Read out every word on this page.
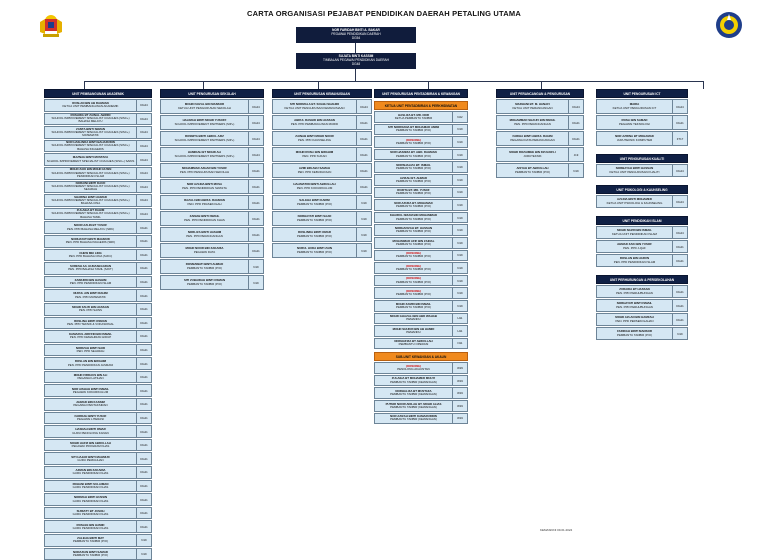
CARTA ORGANISASI PEJABAT PENDIDIKAN DAERAH PETALING UTAMA
NOR FARIDAH BINTI A. BAKAR
PEGAWAI PENDIDIKAN DAERAH
DG54
SUJATA BINTI KASSIM
TIMBALAN PEGAWAI PENDIDIKAN DAERAH
DG48
UNIT PEMBANGUNAN AKADEMIK
ROSLAN BIN AB RAHMAN
KETUA UNIT PEMBANGUNAN AKADEMIK	DG44
ROSHIDA BT ZAINAL ABIDIN
SCHOOL IMPROVEMENT SPECIALIST COACHES (SISC+) BAHASA MELAYU
DG44
ZANTA BINTI SEMAN
SCHOOL IMPROVEMENT SPECIALIST COACHES (SISC+) MATEMATIK
DG44
NOR HASLINDA BINTI BAHARUDIN
SCHOOL IMPROVEMENT SPECIALIST COACHES (SISC+) BAHASA INGGERIS
DG44
MAZNAH BINTI MUSTAFA
SCHOOL IMPROVEMENT SPECIALIST COACHES (SISC+) SAINS	DG44
MOHD ZAKI BIN MOHD HUSIN
SCHOOL IMPROVEMENT SPECIALIST COACHES (SISC+) PENDIDIKAN ISLAM
DG44
NORAINI BINTI DAUD
SCHOOL IMPROVEMENT SPECIALIST COACHES (SISC+) SEJARAH
DG44
SHARINA BINTI AHMAD
SCHOOL IMPROVEMENT SPECIALIST COACHES (SISC+) BAHASA CINA
DG44
ZULAIHA BT RAHIM
SCHOOL IMPROVEMENT SPECIALIST COACHES (SISC+) BAHASA TAMIL
DG44
NOOR AZLIN BT YUSOF
PEN. PPD BAHASA MELAYU (SRK)	DG41
NORHAYATI BINTI MAHMUD
PEN. PPD BAHASA INGGERIS (SRK)	DG41
CHEW MEI LING
PEN. PPD BAHASA CINA (SJKC)	DG41
SURESH A/L GUNASEGARAN
PEN. PPD BAHASA TAMIL (SJKT)	DG41
ZAINURIN BIN HASHIM
PEN. PPD PENDIDIKAN ISLAM	DG41
NURUL AIN BINTI RAHIM
PEN. PPD MATEMATIK	DG41
MOHD FAUZI BIN HASSAN
PEN. PPD SAINS	DG41
ROSLINA BINTI OSMAN
PEN. PPD TEKNIK & VOKASIONAL	DG41
KAMARUL ARIFFIN BIN ISMAIL
PEN. PPD KEMAHIRAN HIDUP	DG41
NORIZAH BINTI SAID
PEN. PPD SEJARAH	DG41
ROSLAN BIN IBRAHIM
PEN. PPD PENDIDIKAN JASMANI	DG41
MOHD FIRDAUS BIN ALI
PEGAWAI LATIHAN	DG41
NOR AISHAH BINTI ISMAIL
PEGAWAI KOKURIKULUM	DG41
AHMAD BIN KASSIM
PEGAWAI PENTAKSIRAN	DG41
FARIDAH BINTI YUSOF
PEGAWAI LITERASI	DG41
HASNAH BINTI OMAR
GURU PENOLONG KANAN	DG41
MOHD HAFIZ BIN ABDULLAH
PEGAWAI PROGRAM KHAS	DG41
SITI HAJAR BINTI MAHMUD
GURU PEMULIHAN	DG41
AZMAN BIN ZAKARIA
GURU PENDIDIKAN KHAS	DG41
ROHANI BINTI SULAIMAN
GURU PENDIDIKAN KHAS	DG41
NORMAH BINTI HUSSIN
GURU PENDIDIKAN KHAS	DG41
SURIATY BT JUSOH
GURU PENDIDIKAN KHAS	DG41
ROSLEE BIN HAMID
GURU PENDIDIKAN KHAS	DG41
ZALEHA BINTI MAT
PEMBANTU TADBIR (P/O)	N19
NORAZIAN BINTI SAMAD
PEMBANTU TADBIR (P/O)	N19
UNIT PENGURUSAN SEKOLAH
MOHD FAIZAL BIN MANSOR
KETUA UNIT PENGURUSAN SEKOLAH	DG44
HALIMAH BINTI MOHD YUSOFF
SCHOOL IMPROVEMENT PARTNERS (SIP+)	DG44
ROSNITA BINTI ABDUL AZIZ
SCHOOL IMPROVEMENT PARTNERS (SIP+)	DG44
HAMIDAH BT MOHD ALI
SCHOOL IMPROVEMENT PARTNERS (SIP+)	DG44
MOHAMMAD AZHAR BIN YUSOF
PEN. PPD PENGURUSAN SEKOLAH	DG41
NOR AZLINA BINTI MUSA
PEN. PPD PENDIDIKAN SWASTA	DG41
RAZALI BIN ABDUL RAHMAN
PEN. PPD PRASEKOLAH	DG41
ZAINAB BINTI ISMAIL
PEN. PPD PENDIDIKAN KHAS	DG41
NORLIZA BINTI HASHIM
PEN. PPD PERANCANGAN	DG41
MOHD NOOR BIN ZAKARIA
PEGAWAI DATA	DG41
ROSMAWATI BINTI AHMAD
PEMBANTU TADBIR (P/O)	N19
SITI ZUBAIDAH BINTI OSMAN
PEMBANTU TADBIR (P/O)	N19
UNIT PENGURUSAN KEMANUSIAAN
SITI NORMALA BT. SOLEH SHAHIDI
KETUA UNIT PENGURUSAN KEMANUSIAAN	DG44
ABDUL RASHID BIN HASSAN
PEN. PPD PEMBANGUNAN MURID	DG41
ZAINAB BINTI MOHD NOOR
PEN. PPD KAUNSELING	DG41
MOHD ROSLI BIN IBRAHIM
PEN. PPD SUKAN	DG41
AZMI BIN ABU SAMAH
PEN. PPD KEBUDAYAAN	DG41
HALIMATON BINTI ABDULLAH
PEN. PPD KOKURIKULUM	DG41
SALEHA BINTI KARIM
PEMBANTU TADBIR (P/O)	N19
NORHAYATI BINTI SAAD
PEMBANTU TADBIR (P/O)	N19
ROSLINDA BINTI OMAR
PEMBANTU TADBIR (P/O)	N19
NURUL HUDA BINTI ZAIN
PEMBANTU TADBIR (P/O)	N19
UNIT PENGURUSAN PENTADBIRAN & KEWANGAN
KETUA UNIT PENTADBIRAN & PERKHIDMATAN
HASLIZA BT. MD. NOR
KETUA PEMBANTU TADBIR	N22
SITI NORDIANA BT MOHAMAD AMINI
PEMBANTU TADBIR (P/O)	N19
(KOSONG)
PEMBANTU TADBIR (P/O)	N19
NOR HASNIZA BT. ABD. RAHMAN
PEMBANTU TADBIR (P/O)	N19
NORSHALIZA BT. ISMAIL
PEMBANTU TADBIR (P/O)	N19
AZIZAH BT. AHMAD
PEMBANTU TADBIR (P/O)	N19
ROZITA BT. MD. YUSOF
PEMBANTU TADBIR (P/O)	N19
NOR AZURA BT. MOHAMAD
PEMBANTU TADBIR (P/O)	N19
KHAIRUL NIZAM BIN MOHAMMAD
PEMBANTU TADBIR (P/O)	N19
NORHAFIZAH BT. HASSAN
PEMBANTU TADBIR (P/O)	N19
MUHAMMAD AFIF BIN ZAINAL
PEMBANTU TADBIR (P/O)	N19
(KOSONG)
PEMBANTU TADBIR (P/O)	N19
(KOSONG)
PEMBANTU TADBIR (P/O)	N19
(KOSONG)
PEMBANTU TADBIR (P/O)	N19
(KOSONG)
PEMBANTU TADBIR (P/O)	N19
MOHD ZAMRI BIN ISMAIL
PEMBANTU TADBIR (P/O)	N19
MOHD GHAZALI BIN ABD WAHAB
PEMANDU	H11
MOHD SHUKRI BIN AB HAMID
PEMANDU	H11
NORHAFIZA BT ABDULLAH
PEMBANTU OPERASI	N11
SUB-UNIT KEWANGAN & AKAUN
(KOSONG)
PENOLONG AKAUNTAN	W29
ZULAIHA BT MOHAMED MUHYI
PEMBANTU TADBIR (KEWANGAN)	W19
NORHALIZA BT MUSTAFA
PEMBANTU TADBIR (KEWANGAN)	W19
PUTERI NOOR ADILAH BT. MOHD ALIAS
PEMBANTU TADBIR (KEWANGAN)	W19
NOR AZIZAH BINTI KAMARUDDIN
PEMBANTU TADBIR (KEWANGAN)	W19
UNIT PERANCANGAN & PENGURUSAN
MARHANI BT. M. HANAFI
KETUA UNIT PERANCANGAN	DG44
MOHAMMAD SHAUFI BIN ISMAIL
PEN. PPD PERANCANGAN	DG41
FARIHA BINTI ABDUL RAHIM
PEGAWAI DATA PERANCANGAN	DG41
MOHD ROZAIMEE BIN DZULKIFLI
JURUTEKNIK	J19
AISYAH BT ABDULLAH
PEMBANTU TADBIR (P/O)	N19
UNIT PENGURUSAN ICT
MARIA
KETUA UNIT PENGURUSAN ICT	DG44
ROSLI BIN SAMAD
PEGAWAI TEKNOLOGI	DG41
NOR AZRINA BT MOHAMAD
JURUTEKNIK KOMPUTER	FT17
UNIT PENGURUSAN KUALITI
NORBAYAH BINTI HASSAN
KETUA UNIT PENGURUSAN KUALITI	DG44
UNIT PSIKOLOGI & KAUNSELING
AZLINA BINTI MOHAMED
KETUA UNIT PSIKOLOGI & KAUNSELING	DG44
UNIT PENDIDIKAN ISLAM
MOHD NAZRI BIN ISMAIL
KETUA UNIT PENDIDIKAN ISLAM	DG44
AHMAD ZAKI BIN YUSOF
PEN. PPD J-QAF	DG41
ROSLAN BIN HARUN
PEN. PPD PENDIDIKAN ISLAM	DG41
UNIT PERHUBUNGAN & PERSEKOLAHAN
ZURAIDA BT HASSAN
PEN. PPD PERHUBUNGAN	DG41
NORHAYATI BINTI ISMAIL
PEN. PPD PERHUBUNGAN	DG41
MOHD AZLAN BIN HAMZAH
PEN. PPD PERSEKOLAHAN	DG41
FARIDAH BINTI MANSOR
PEMBANTU TADBIR (P/O)	N19
KEMASKINI 09.01.2024
